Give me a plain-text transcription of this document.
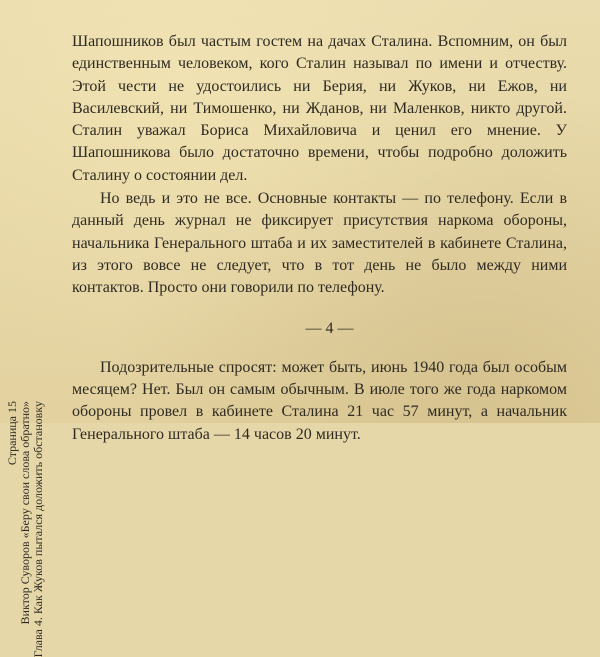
Страница 15 Виктор Суворов «Беру свои слова обратно» Глава 4. Как Жуков пытался доложить обстановку

Шапошников был частым гостем на дачах Сталина. Вспомним, он был единственным человеком, кого Сталин называл по имени и отчеству. Этой чести не удостоились ни Берия, ни Жуков, ни Ежов, ни Василевский, ни Тимошенко, ни Жданов, ни Маленков, никто другой. Сталин уважал Бориса Михайловича и ценил его мнение. У Шапошникова было достаточно времени, чтобы подробно доложить Сталину о состоянии дел.

Но ведь и это не все. Основные контакты — по телефону. Если в данный день журнал не фиксирует присутствия наркома обороны, начальника Генерального штаба и их заместителей в кабинете Сталина, из этого вовсе не следует, что в тот день не было между ними контактов. Просто они говорили по телефону.

— 4 —

Подозрительные спросят: может быть, июнь 1940 года был особым месяцем? Нет. Был он самым обычным. В июле того же года наркомом обороны провел в кабинете Сталина 21 час 57 минут, а начальник Генерального штаба — 14 часов 20 минут.
